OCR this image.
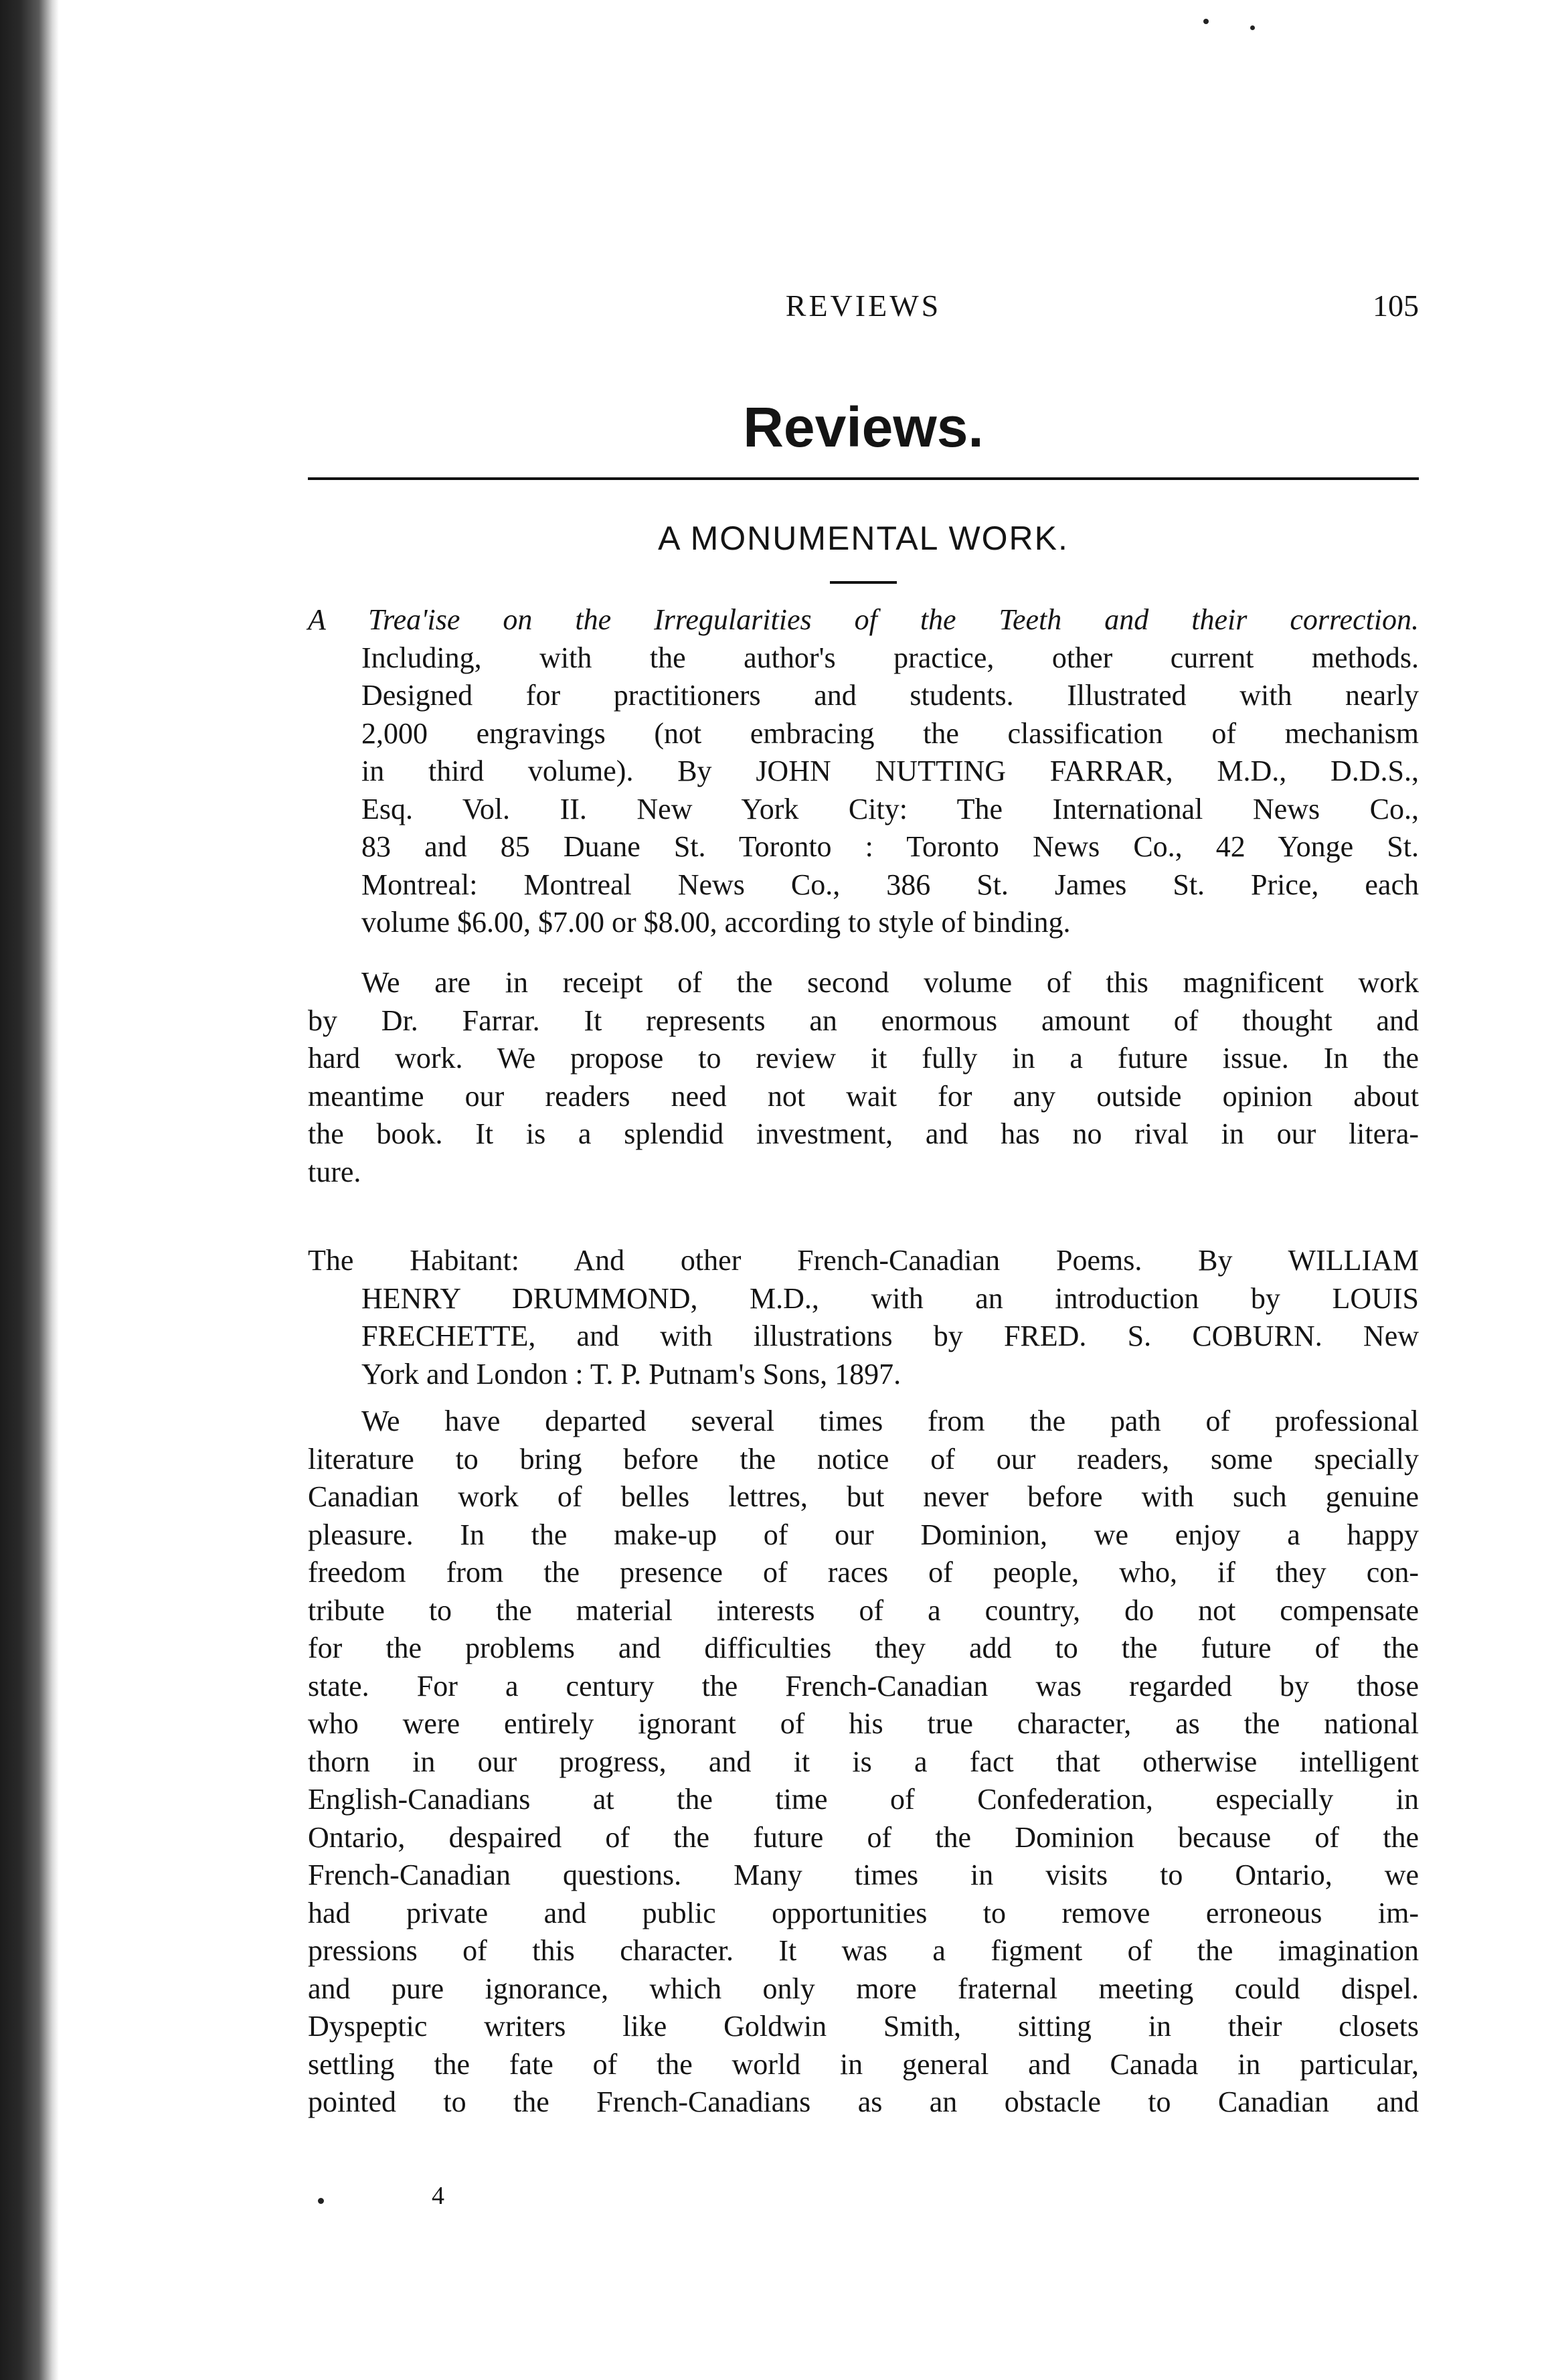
REVIEWS	105
Reviews.
A MONUMENTAL WORK.
A Trea'ise on the Irregularities of the Teeth and their correction.
Including, with the author's practice, other current methods.
Designed for practitioners and students. Illustrated with nearly
2,000 engravings (not embracing the classification of mechanism
in third volume). By JOHN NUTTING FARRAR, M.D., D.D.S.,
Esq. Vol. II. New York City: The International News Co.,
83 and 85 Duane St. Toronto : Toronto News Co., 42 Yonge St.
Montreal: Montreal News Co., 386 St. James St. Price, each
volume $6.00, $7.00 or $8.00, according to style of binding.
We are in receipt of the second volume of this magnificent work
by Dr. Farrar. It represents an enormous amount of thought and
hard work. We propose to review it fully in a future issue. In the
meantime our readers need not wait for any outside opinion about
the book. It is a splendid investment, and has no rival in our litera-
ture.
The Habitant: And other French-Canadian Poems. By WILLIAM
HENRY DRUMMOND, M.D., with an introduction by LOUIS
FRECHETTE, and with illustrations by FRED. S. COBURN. New
York and London : T. P. Putnam's Sons, 1897.
We have departed several times from the path of professional
literature to bring before the notice of our readers, some specially
Canadian work of belles lettres, but never before with such genuine
pleasure. In the make-up of our Dominion, we enjoy a happy
freedom from the presence of races of people, who, if they con-
tribute to the material interests of a country, do not compensate
for the problems and difficulties they add to the future of the
state. For a century the French-Canadian was regarded by those
who were entirely ignorant of his true character, as the national
thorn in our progress, and it is a fact that otherwise intelligent
English-Canadians at the time of Confederation, especially in
Ontario, despaired of the future of the Dominion because of the
French-Canadian questions. Many times in visits to Ontario, we
had private and public opportunities to remove erroneous im-
pressions of this character. It was a figment of the imagination
and pure ignorance, which only more fraternal meeting could dispel.
Dyspeptic writers like Goldwin Smith, sitting in their closets
settling the fate of the world in general and Canada in particular,
pointed to the French-Canadians as an obstacle to Canadian and
4
